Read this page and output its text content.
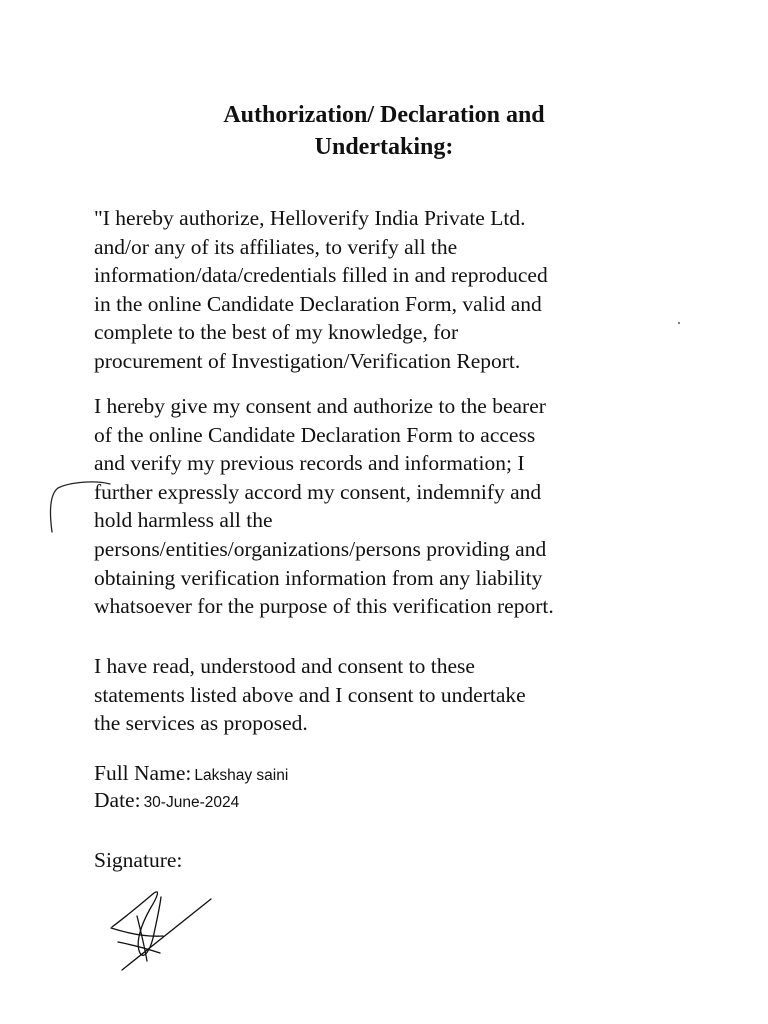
Authorization/ Declaration and
Undertaking:
"I hereby authorize, Helloverify India Private Ltd.
and/or any of its affiliates, to verify all the
information/data/credentials filled in and reproduced
in the online Candidate Declaration Form, valid and
complete to the best of my knowledge, for
procurement of Investigation/Verification Report.
I hereby give my consent and authorize to the bearer
of the online Candidate Declaration Form to access
and verify my previous records and information; I
further expressly accord my consent, indemnify and
hold harmless all the
persons/entities/organizations/persons providing and
obtaining verification information from any liability
whatsoever for the purpose of this verification report.
I have read, understood and consent to these
statements listed above and I consent to undertake
the services as proposed.
Full Name: Lakshay saini
Date: 30-June-2024
Signature:
